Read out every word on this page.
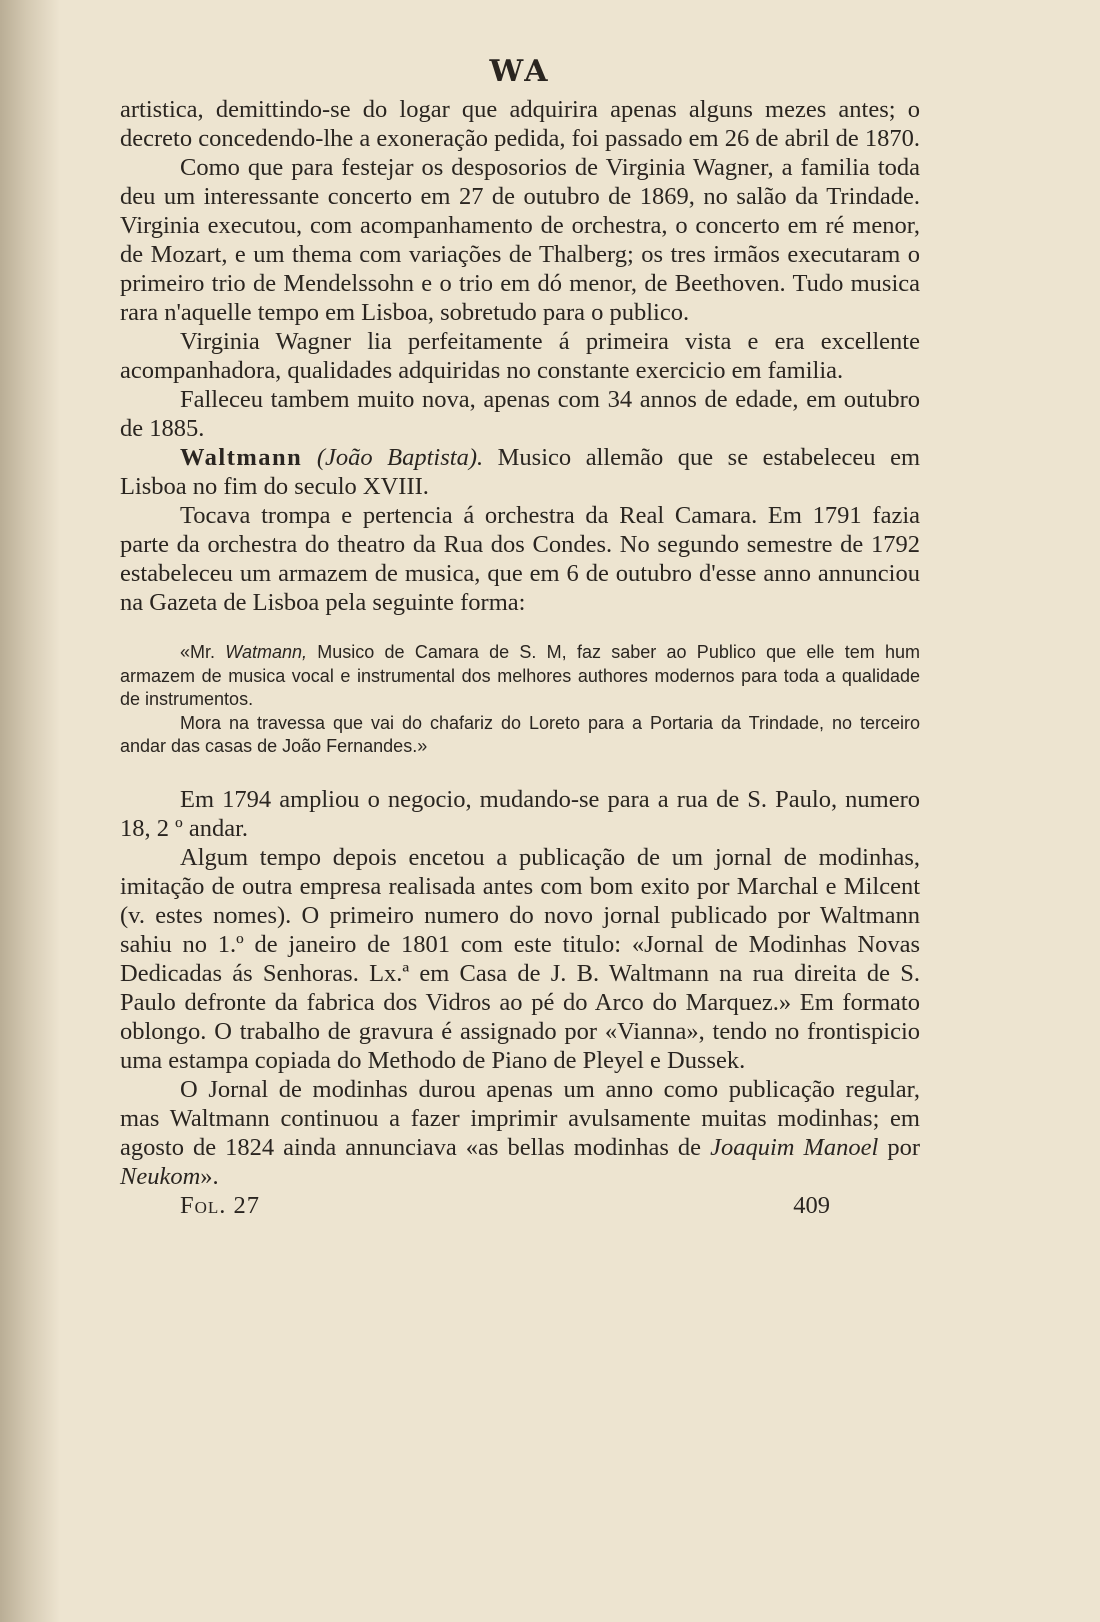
WA

artistica, demittindo-se do logar que adquirira apenas alguns mezes antes; o decreto concedendo-lhe a exoneração pedida, foi passado em 26 de abril de 1870.

Como que para festejar os desposorios de Virginia Wagner, a familia toda deu um interessante concerto em 27 de outubro de 1869, no salão da Trindade. Virginia executou, com acompanhamento de orchestra, o concerto em ré menor, de Mozart, e um thema com variações de Thalberg; os tres irmãos executaram o primeiro trio de Mendelssohn e o trio em dó menor, de Beethoven. Tudo musica rara n'aquelle tempo em Lisboa, sobretudo para o publico.

Virginia Wagner lia perfeitamente á primeira vista e era excellente acompanhadora, qualidades adquiridas no constante exercicio em familia.

Falleceu tambem muito nova, apenas com 34 annos de edade, em outubro de 1885.

Waltmann (João Baptista). Musico allemão que se estabeleceu em Lisboa no fim do seculo XVIII.

Tocava trompa e pertencia á orchestra da Real Camara. Em 1791 fazia parte da orchestra do theatro da Rua dos Condes. No segundo semestre de 1792 estabeleceu um armazem de musica, que em 6 de outubro d'esse anno annunciou na Gazeta de Lisboa pela seguinte forma:

«Mr. Watmann, Musico de Camara de S. M, faz saber ao Publico que elle tem hum armazem de musica vocal e instrumental dos melhores authores modernos para toda a qualidade de instrumentos.

Mora na travessa que vai do chafariz do Loreto para a Portaria da Trindade, no terceiro andar das casas de João Fernandes.»

Em 1794 ampliou o negocio, mudando-se para a rua de S. Paulo, numero 18, 2 º andar.

Algum tempo depois encetou a publicação de um jornal de modinhas, imitação de outra empresa realisada antes com bom exito por Marchal e Milcent (v. estes nomes). O primeiro numero do novo jornal publicado por Waltmann sahiu no 1.º de janeiro de 1801 com este titulo: «Jornal de Modinhas Novas Dedicadas ás Senhoras. Lx.ª em Casa de J. B. Waltmann na rua direita de S. Paulo defronte da fabrica dos Vidros ao pé do Arco do Marquez.» Em formato oblongo. O trabalho de gravura é assignado por «Vianna», tendo no frontispicio uma estampa copiada do Methodo de Piano de Pleyel e Dussek.

O Jornal de modinhas durou apenas um anno como publicação regular, mas Waltmann continuou a fazer imprimir avulsamente muitas modinhas; em agosto de 1824 ainda annunciava «as bellas modinhas de Joaquim Manoel por Neukom».

Fol. 27	409
